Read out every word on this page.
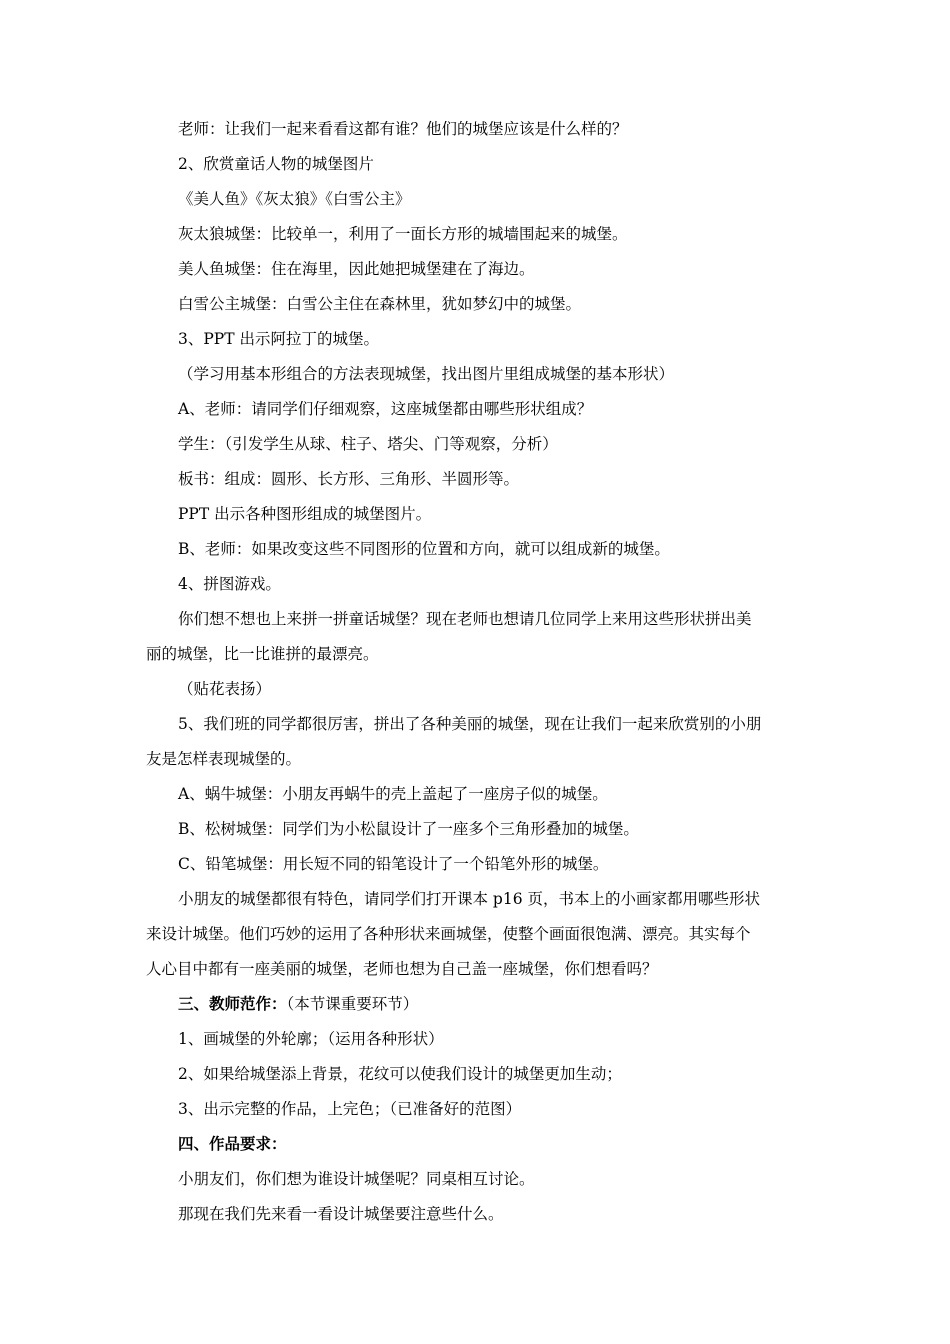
老师：让我们一起来看看这都有谁？他们的城堡应该是什么样的？
2、欣赏童话人物的城堡图片
《美人鱼》《灰太狼》《白雪公主》
灰太狼城堡：比较单一，利用了一面长方形的城墙围起来的城堡。
美人鱼城堡：住在海里，因此她把城堡建在了海边。
白雪公主城堡：白雪公主住在森林里，犹如梦幻中的城堡。
3、PPT 出示阿拉丁的城堡。
（学习用基本形组合的方法表现城堡，找出图片里组成城堡的基本形状）
A、老师：请同学们仔细观察，这座城堡都由哪些形状组成？
学生：（引发学生从球、柱子、塔尖、门等观察，分析）
板书：组成：圆形、长方形、三角形、半圆形等。
PPT 出示各种图形组成的城堡图片。
B、老师：如果改变这些不同图形的位置和方向，就可以组成新的城堡。
4、拼图游戏。
你们想不想也上来拼一拼童话城堡？现在老师也想请几位同学上来用这些形状拼出美
丽的城堡，比一比谁拼的最漂亮。
（贴花表扬）
5、我们班的同学都很厉害，拼出了各种美丽的城堡，现在让我们一起来欣赏别的小朋
友是怎样表现城堡的。
A、蜗牛城堡：小朋友再蜗牛的壳上盖起了一座房子似的城堡。
B、松树城堡：同学们为小松鼠设计了一座多个三角形叠加的城堡。
C、铅笔城堡：用长短不同的铅笔设计了一个铅笔外形的城堡。
小朋友的城堡都很有特色，请同学们打开课本 p16 页，书本上的小画家都用哪些形状
来设计城堡。他们巧妙的运用了各种形状来画城堡，使整个画面很饱满、漂亮。其实每个
人心目中都有一座美丽的城堡，老师也想为自己盖一座城堡，你们想看吗？
三、教师范作：（本节课重要环节）
1、画城堡的外轮廓；（运用各种形状）
2、如果给城堡添上背景，花纹可以使我们设计的城堡更加生动；
3、出示完整的作品，上完色；（已准备好的范图）
四、作品要求：
小朋友们，你们想为谁设计城堡呢？同桌相互讨论。
那现在我们先来看一看设计城堡要注意些什么。
